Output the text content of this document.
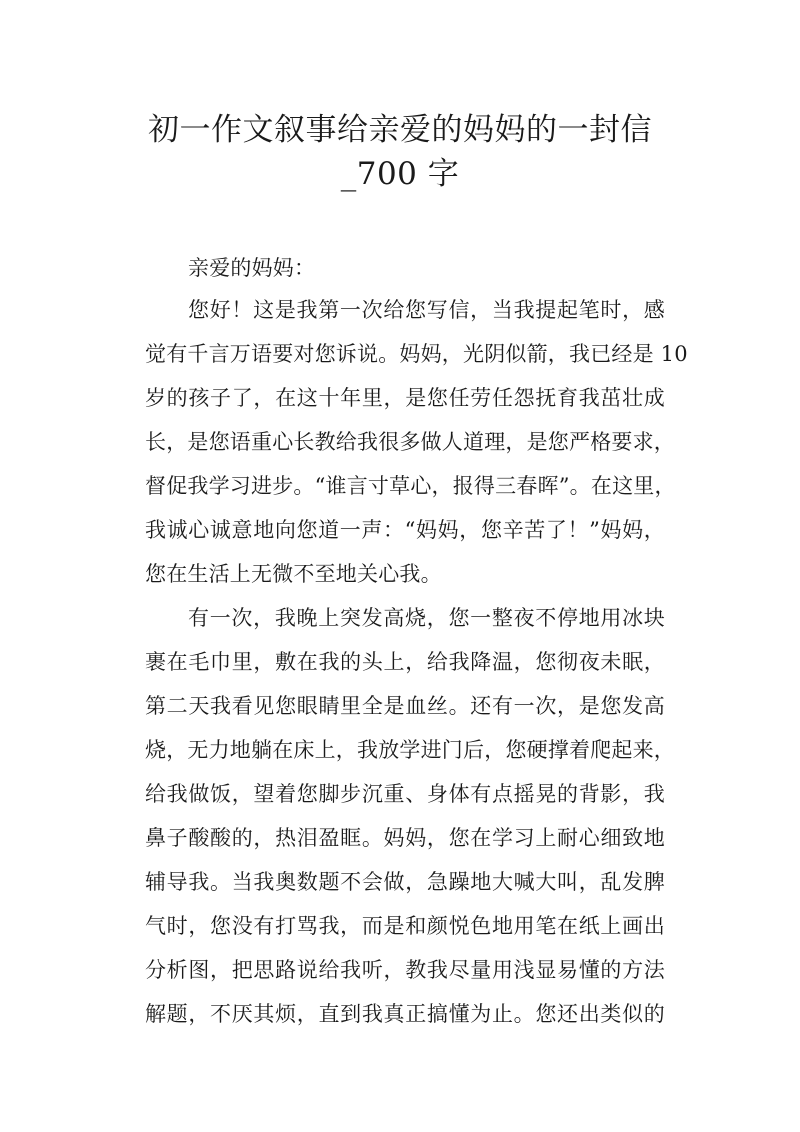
初一作文叙事给亲爱的妈妈的一封信
_700 字
亲爱的妈妈：
您好！这是我第一次给您写信，当我提起笔时，感
觉有千言万语要对您诉说。妈妈，光阴似箭，我已经是 10
岁的孩子了，在这十年里，是您任劳任怨抚育我茁壮成
长，是您语重心长教给我很多做人道理，是您严格要求，
督促我学习进步。“谁言寸草心，报得三春晖”。在这里，
我诚心诚意地向您道一声：“妈妈，您辛苦了！”妈妈，
您在生活上无微不至地关心我。
有一次，我晚上突发高烧，您一整夜不停地用冰块
裹在毛巾里，敷在我的头上，给我降温，您彻夜未眠，
第二天我看见您眼睛里全是血丝。还有一次，是您发高
烧，无力地躺在床上，我放学进门后，您硬撑着爬起来，
给我做饭，望着您脚步沉重、身体有点摇晃的背影，我
鼻子酸酸的，热泪盈眶。妈妈，您在学习上耐心细致地
辅导我。当我奥数题不会做，急躁地大喊大叫，乱发脾
气时，您没有打骂我，而是和颜悦色地用笔在纸上画出
分析图，把思路说给我听，教我尽量用浅显易懂的方法
解题，不厌其烦，直到我真正搞懂为止。您还出类似的
